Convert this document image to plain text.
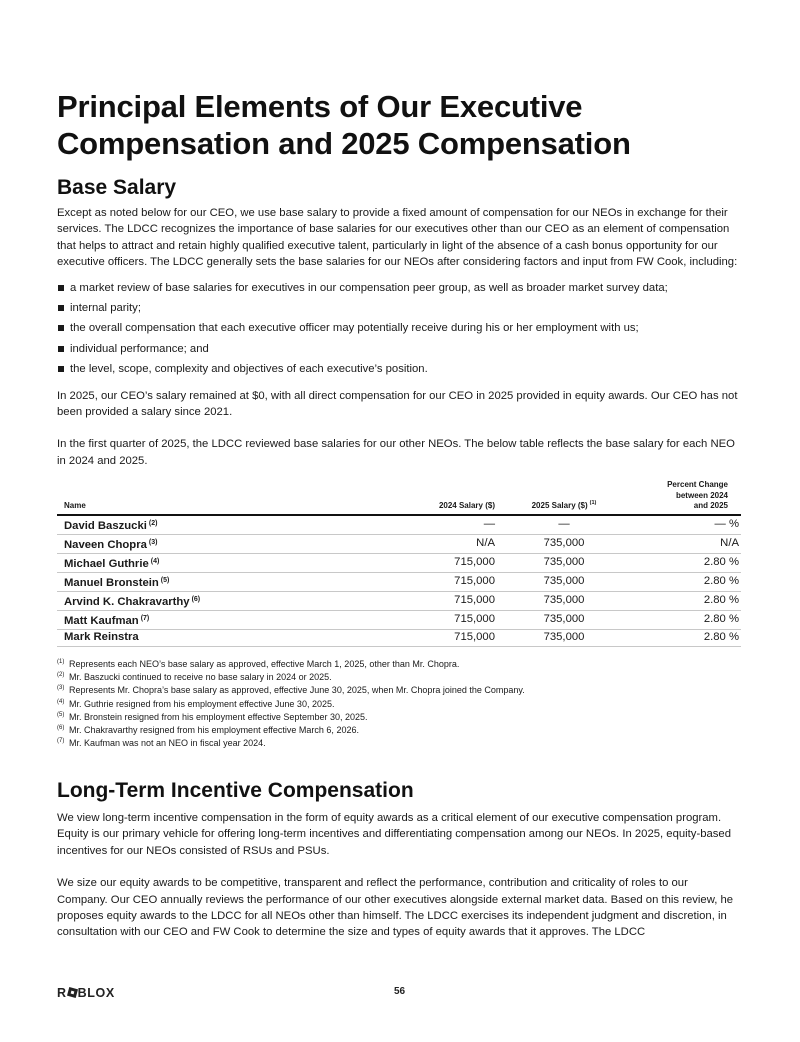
Principal Elements of Our Executive Compensation and 2025 Compensation
Base Salary

Except as noted below for our CEO, we use base salary to provide a fixed amount of compensation for our NEOs in exchange for their services. The LDCC recognizes the importance of base salaries for our executives other than our CEO as an element of compensation that helps to attract and retain highly qualified executive talent, particularly in light of the absence of a cash bonus opportunity for our executive officers. The LDCC generally sets the base salaries for our NEOs after considering factors and input from FW Cook, including:

a market review of base salaries for executives in our compensation peer group, as well as broader market survey data;
internal parity;
the overall compensation that each executive officer may potentially receive during his or her employment with us;
individual performance; and
the level, scope, complexity and objectives of each executive’s position.

In 2025, our CEO’s salary remained at $0, with all direct compensation for our CEO in 2025 provided in equity awards. Our CEO has not been provided a salary since 2021.

In the first quarter of 2025, the LDCC reviewed base salaries for our other NEOs. The below table reflects the base salary for each NEO in 2024 and 2025.

Name	2024 Salary ($)	2025 Salary ($) $^{(1)}$	Percent Change
between 2024
and 2025
David Baszucki $^{(2)}$	—	—	— %
Naveen Chopra $^{(3)}$	N/A	735,000	N/A
Michael Guthrie $^{(4)}$	715,000	735,000	2.80 %
Manuel Bronstein $^{(5)}$	715,000	735,000	2.80 %
Arvind K. Chakravarthy $^{(6)}$	715,000	735,000	2.80 %
Matt Kaufman $^{(7)}$	715,000	735,000	2.80 %
Mark Reinstra	715,000	735,000	2.80 %
(1) Represents each NEO’s base salary as approved, effective March 1, 2025, other than Mr. Chopra.
(2) Mr. Baszucki continued to receive no base salary in 2024 or 2025.
(3) Represents Mr. Chopra’s base salary as approved, effective June 30, 2025, when Mr. Chopra joined the Company.
(4) Mr. Guthrie resigned from his employment effective June 30, 2025.
(5) Mr. Bronstein resigned from his employment effective September 30, 2025.
(6) Mr. Chakravarthy resigned from his employment effective March 6, 2026.
(7) Mr. Kaufman was not an NEO in fiscal year 2024.
Long-Term Incentive Compensation

We view long-term incentive compensation in the form of equity awards as a critical element of our executive compensation program. Equity is our primary vehicle for offering long-term incentives and differentiating compensation among our NEOs. In 2025, equity-based incentives for our NEOs consisted of RSUs and PSUs.

We size our equity awards to be competitive, transparent and reflect the performance, contribution and criticality of roles to our Company. Our CEO annually reviews the performance of our other executives alongside external market data. Based on this review, he proposes equity awards to the LDCC for all NEOs other than himself. The LDCC exercises its independent judgment and discretion, in consultation with our CEO and FW Cook to determine the size and types of equity awards that it approves. The LDCC

R BLOX	56
